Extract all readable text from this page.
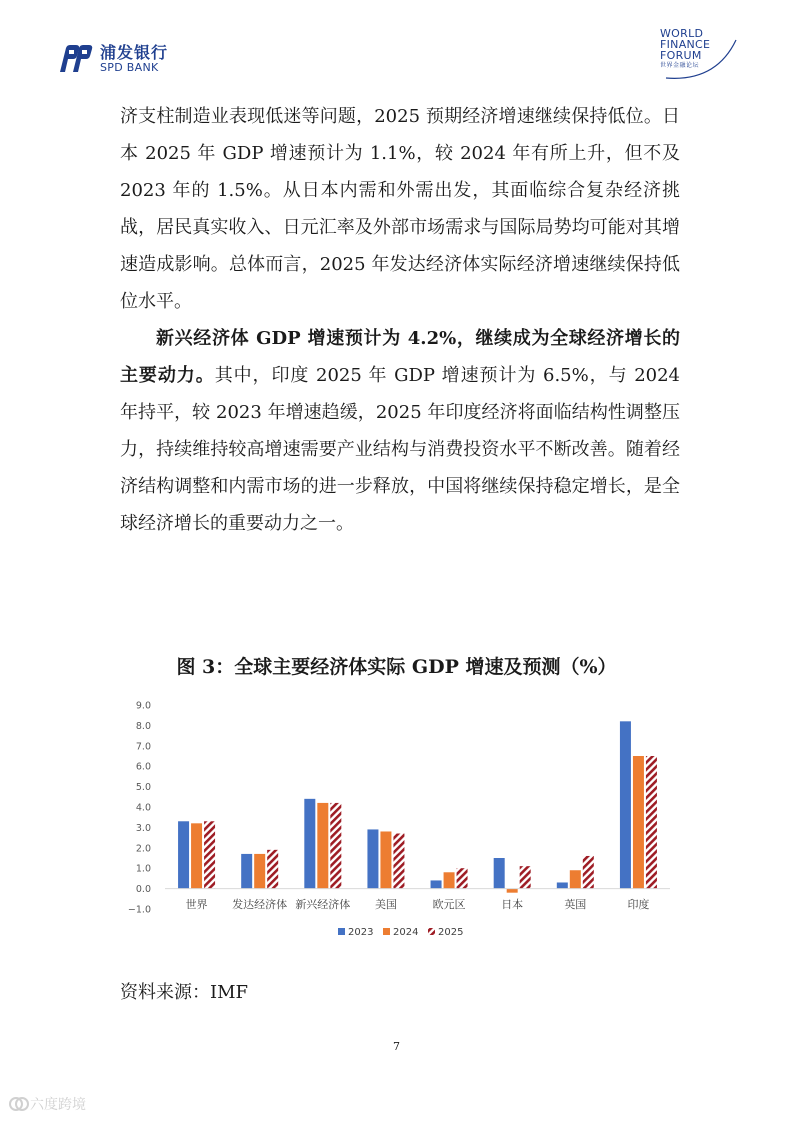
浦发银行
SPD BANK
WORLD
FINANCE
FORUM
世界金融论坛

济支柱制造业表现低迷等问题，2025 预期经济增速继续保持低位。日本 2025 年 GDP 增速预计为 1.1%，较 2024 年有所上升，但不及 2023 年的 1.5%。从日本内需和外需出发，其面临综合复杂经济挑战，居民真实收入、日元汇率及外部市场需求与国际局势均可能对其增速造成影响。总体而言，2025 年发达经济体实际经济增速继续保持低位水平。

新兴经济体 GDP 增速预计为 4.2%，继续成为全球经济增长的主要动力。其中，印度 2025 年 GDP 增速预计为 6.5%，与 2024 年持平，较 2023 年增速趋缓，2025 年印度经济将面临结构性调整压力，持续维持较高增速需要产业结构与消费投资水平不断改善。随着经济结构调整和内需市场的进一步释放，中国将继续保持稳定增长，是全球经济增长的重要动力之一。

图 3：全球主要经济体实际 GDP 增速及预测（%）
9.0
8.0
7.0
6.0
5.0
4.0
3.0
2.0
1.0
0.0
−1.0	世界 发达经济体 新兴经济体 美国	欧元区	日本	英国	印度
2023 2024 2025
资料来源：IMF
7
六度跨境
